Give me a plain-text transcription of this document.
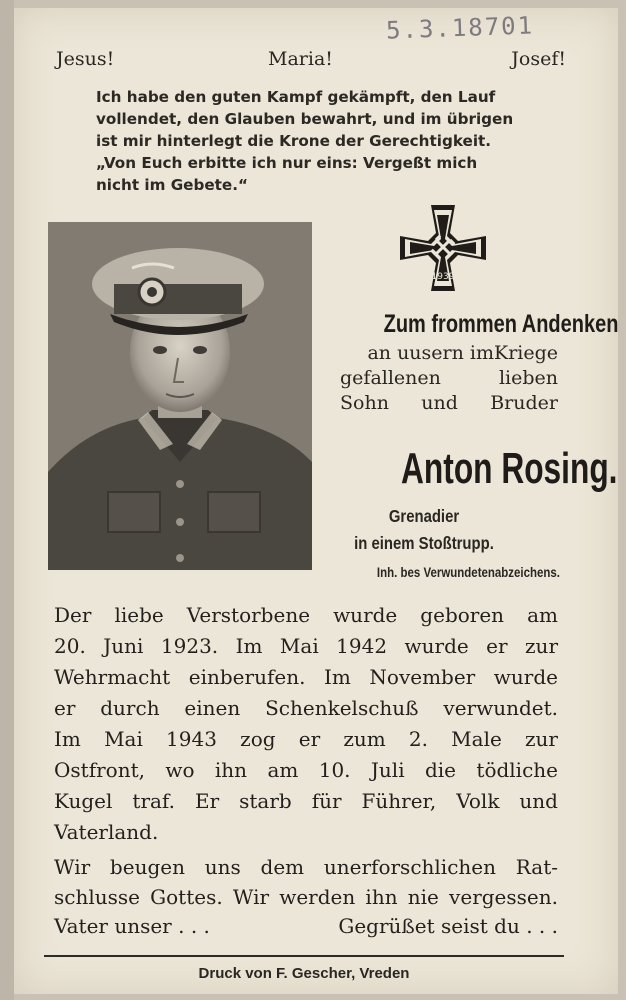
5.3.18701
Jesus!	Maria!	Josef!
Ich habe den guten Kampf gekämpft, den Lauf
vollendet, den Glauben bewahrt, und im übrigen
ist mir hinterlegt die Krone der Gerechtigkeit.
„Von Euch erbitte ich nur eins: Vergeßt mich
nicht im Gebete.“
1939
Zum frommen Andenken
an uusern imKriege
gefallenen lieben
Sohn und Bruder
Anton Rosing.
Grenadier
in einem Stoßtrupp.
Inh. bes Verwundetenabzeichens.
Der liebe Verstorbene wurde geboren am
20. Juni 1923. Im Mai 1942 wurde er zur
Wehrmacht einberufen. Im November wurde
er durch einen Schenkelschuß verwundet.
Im Mai 1943 zog er zum 2. Male zur
Ostfront, wo ihn am 10. Juli die tödliche
Kugel traf. Er starb für Führer, Volk und
Vaterland.
Wir beugen uns dem unerforschlichen Rat-
schlusse Gottes. Wir werden ihn nie vergessen.
Vater unser . . .	Gegrüßet seist du . . .
Druck von F. Gescher, Vreden
